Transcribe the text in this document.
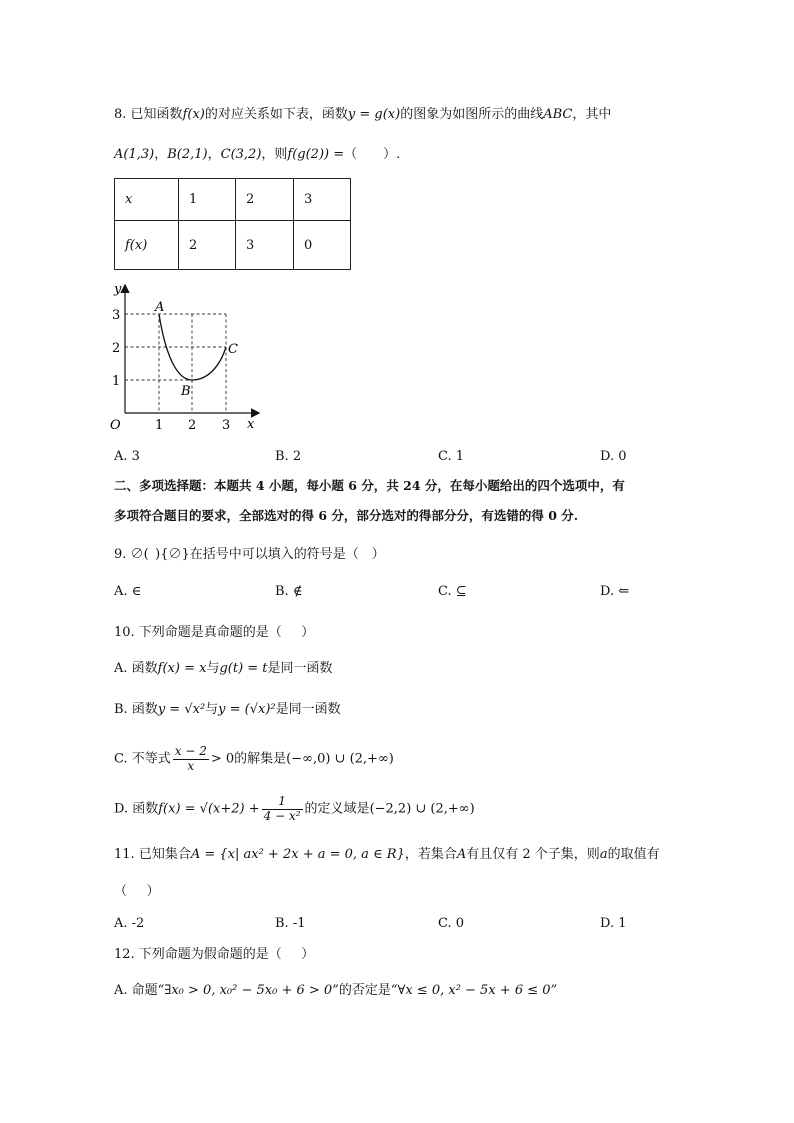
8. 已知函数f(x)的对应关系如下表，函数y = g(x)的图象为如图所示的曲线ABC，其中
A(1,3)，B(2,1)，C(3,2)，则f(g(2)) =（　　）.
x	1	2	3
f(x)	2	3	0
y
x
O
3
2
1
1 2 3
A
B
C
A. 3	B. 2	C. 1	D. 0
二、多项选择题：本题共 4 小题，每小题 6 分，共 24 分，在每小题给出的四个选项中，有
多项符合题目的要求，全部选对的得 6 分，部分选对的得部分分，有选错的得 0 分.
9. ∅( ){∅}在括号中可以填入的符号是（  ）
A. ∈	B. ∉	C. ⊆	D. ⇐
10. 下列命题是真命题的是（   ）
A. 函数f(x) = x与g(t) = t是同一函数
B. 函数y = √x²与y = (√x)²是同一函数
C. 不等式 $\frac{x - 2}{x} > 0$的解集是(−∞,0) ∪ (2,+∞)
D. 函数$f(x) = √(x+2) + \frac{1}{\text{4 − x²}}$ 的定义域是(−2,2) ∪ (2,+∞)
11. 已知集合A = {x| ax² + 2x + a = 0, a ∈ R}，若集合A有且仅有 2 个子集，则a的取值有
（   ）
A. -2	B. -1	C. 0	D. 1
12. 下列命题为假命题的是（   ）
A. 命题“∃x₀ > 0, x₀² − 5x₀ + 6 > 0”的否定是“∀x ≤ 0, x² − 5x + 6 ≤ 0”
